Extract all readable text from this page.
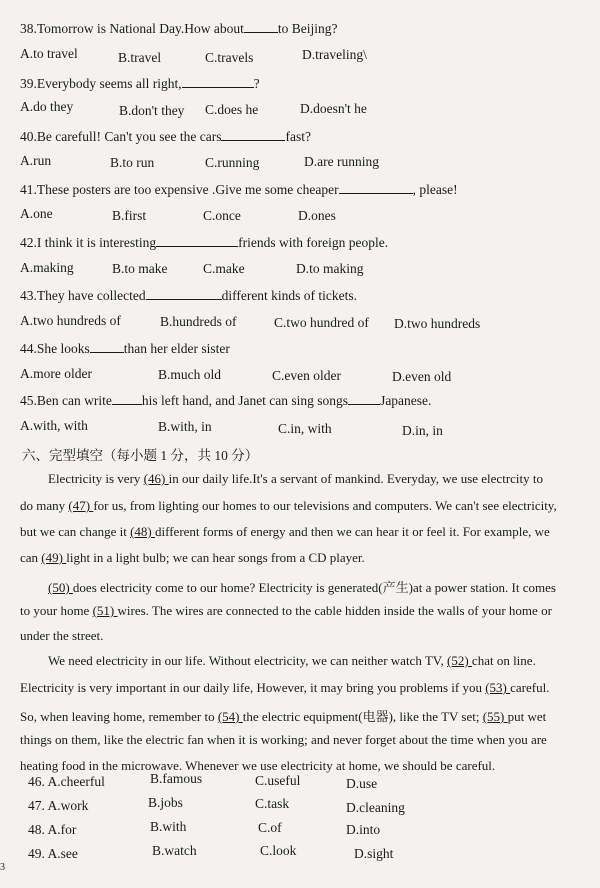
38.Tomorrow is National Day.How about	to Beijing?
A.to travel	B.travel	C.travels	D.traveling\
39.Everybody seems all right,	?
A.do they	B.don't they C.does he	D.doesn't he
40.Be carefull! Can't you see the cars	fast?
A.run	B.to run	C.running	D.are running
41.These posters are too expensive .Give me some cheaper	, please!
A.one	B.first	C.once	D.ones
42.I think it is interesting	friends with foreign people.
A.making	B.to make	C.make	D.to making
43.They have collected	different kinds of tickets.
A.two hundreds of	B.hundreds of	C.two hundred of D.two hundreds
44.She looks	than her elder sister
A.more older	B.much old	C.even older	D.even old
45.Ben can write his left hand, and Janet can sing songs Japanese.
A.with, with	B.with, in	C.in, with	D.in, in
六、完型填空（每小题 1 分，共 10 分）
Electricity is very (46) in our daily life.It's a servant of mankind. Everyday, we use electrcity to
do many (47) for us, from lighting our homes to our televisions and computers. We can't see electricity,
but we can change it (48) different forms of energy and then we can hear it or feel it. For example, we
can (49) light in a light bulb; we can hear songs from a CD player.
(50) does electricity come to our home? Electricity is generated(产生)at a power station. It comes
to your home (51) wires. The wires are connected to the cable hidden inside the walls of your home or
under the street.
We need electricity in our life. Without electricity, we can neither watch TV, (52) chat on line.
Electricity is very important in our daily life, However, it may bring you problems if you (53) careful.
So, when leaving home, remember to (54) the electric equipment(电器), like the TV set; (55) put wet
things on them, like the electric fan when it is working; and never forget about the time when you are
heating food in the microwave. Whenever we use electricity at home, we should be careful.
46. A.cheerful	B.famous	C.useful	D.use
47. A.work	B.jobs	C.task	D.cleaning
48. A.for	B.with	C.of	D.into
49. A.see	B.watch	C.look	D.sight
3
